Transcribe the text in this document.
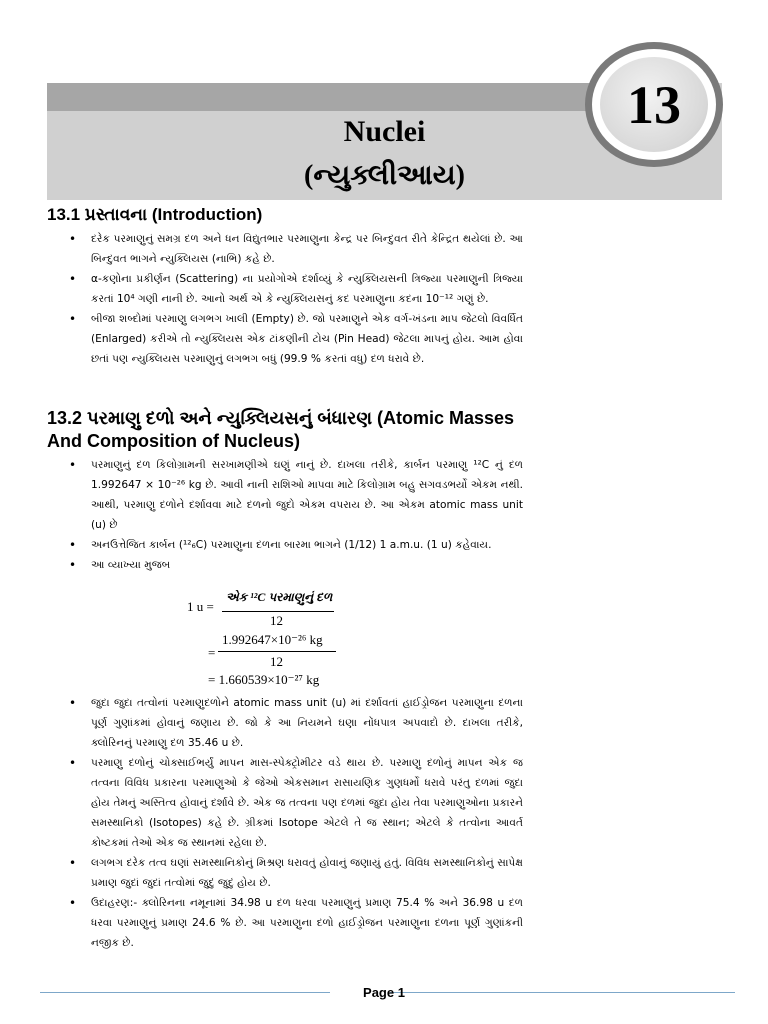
Nuclei
(ન્યુક્લીઆય)
13
13.1 પ્રસ્તાવના (Introduction)
• દરેક પરમાણુનું સમગ્ર દળ અને ધન વિદ્યુતભાર પરમાણુના કેન્દ્ર પર બિન્દુવત રીતે કેન્દ્રિત થયેલાં છે. આ બિન્દુવત ભાગને ન્યુક્લિયસ (નાભિ) કહે છે.
• α-કણોના પ્રકીર્ણન (Scattering) ના પ્રયોગોએ દર્શાવ્યું કે ન્યુક્લિયસની ત્રિજ્યા પરમાણુની ત્રિજ્યા કરતાં 10⁴ ગણી નાની છે. આનો અર્થ એ કે ન્યુક્લિયસનું કદ પરમાણુના કદના 10⁻¹² ગણું છે.
• બીજા શબ્દોમાં પરમાણુ લગભગ ખાલી (Empty) છે. જો પરમાણુને એક વર્ગ-ખંડના માપ જેટલો વિવર્ધિત (Enlarged) કરીએ તો ન્યુક્લિયસ એક ટાંકણીની ટોચ (Pin Head) જેટલા માપનું હોય. આમ હોવા છતાં પણ ન્યુક્લિયસ પરમાણુનું લગભગ બધું (99.9 % કરતાં વધુ) દળ ધરાવે છે.
13.2 પરમાણુ દળો અને ન્યુક્લિયસનું બંધારણ (Atomic Masses
And Composition of Nucleus)
• પરમાણુનું દળ કિલોગ્રામની સરખામણીએ ઘણું નાનું છે. દાખલા તરીકે, કાર્બન પરમાણુ ¹²C નું દળ 1.992647 × 10⁻²⁶ kg છે. આવી નાની રાશિઓ માપવા માટે કિલોગ્રામ બહુ સગવડભર્યો એકમ નથી. આથી, પરમાણુ દળોને દર્શાવવા માટે દળનો જુદો એકમ વપરાય છે. આ એકમ atomic mass unit (u) છે
• અનઉત્તેજિત કાર્બન (¹²₆C) પરમાણુના દળના બારમા ભાગને (1/12) 1 a.m.u. (1 u) કહેવાય.
• આ વ્યાખ્યા મુજબ
1 u =
એક ¹²C પરમાણુનું દળ
12
=
1.992647×10⁻²⁶ kg
12
= 1.660539×10⁻²⁷ kg
• જુદા જુદા તત્વોનાં પરમાણુદળોને atomic mass unit (u) માં દર્શાવતાં હાઈડ્રોજન પરમાણુના દળના પૂર્ણ ગુણાંકમાં હોવાનું જણાય છે. જો કે આ નિયમને ઘણા નોંધપાત્ર અપવાદો છે. દાખલા તરીકે, ક્લોરિનનું પરમાણુ દળ 35.46 u છે.
• પરમાણુ દળોનું ચોક્સાઈભર્યું માપન માસ-સ્પેક્ટ્રોમીટર વડે થાય છે. પરમાણુ દળોનું માપન એક જ તત્વના વિવિધ પ્રકારના પરમાણુઓ કે જેઓ એકસમાન રાસાયણિક ગુણધર્મો ધરાવે પરંતુ દળમાં જુદા હોય તેમનું અસ્તિત્વ હોવાનું દર્શાવે છે. એક જ તત્વના પણ દળમાં જુદા હોય તેવા પરમાણુઓના પ્રકારને સમસ્થાનિકો (Isotopes) કહે છે. ગ્રીકમાં Isotope એટલે તે જ સ્થાન; એટલે કે તત્વોના આવર્ત કોષ્ટકમાં તેઓ એક જ સ્થાનમાં રહેલા છે.
• લગભગ દરેક તત્વ ઘણાં સમસ્થાનિકોનું મિશ્રણ ધરાવતું હોવાનું જણાયું હતું. વિવિધ સમસ્થાનિકોનું સાપેક્ષ પ્રમાણ જુદાં જુદાં તત્વોમાં જુદું જુદું હોય છે.
• ઉદાહરણ:- ક્લોરિનના નમૂનામાં 34.98 u દળ ધરવા પરમાણુનું પ્રમાણ 75.4 % અને 36.98 u દળ ધરવા પરમાણુનું પ્રમાણ 24.6 % છે. આ પરમાણુના દળો હાઈડ્રોજન પરમાણુના દળના પૂર્ણ ગુણાંકની નજીક છે.
Page 1
